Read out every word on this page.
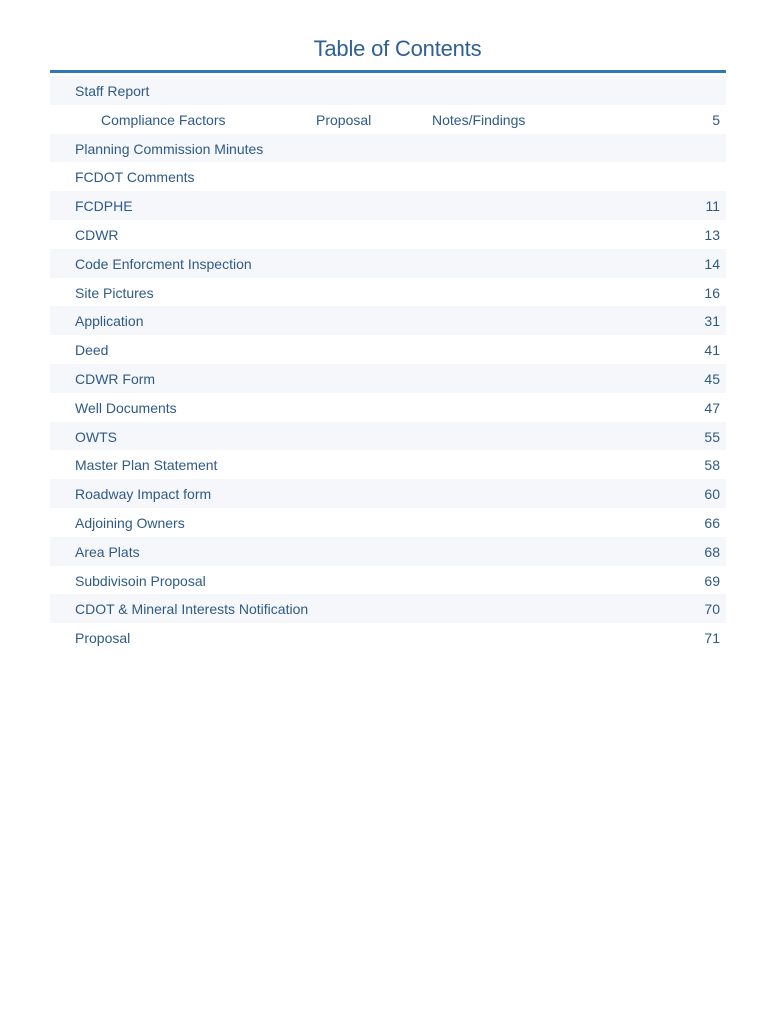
Table of Contents
Staff Report
Compliance Factors	Proposal	Notes/Findings	5
Planning Commission Minutes
FCDOT Comments
FCDPHE	11
CDWR	13
Code Enforcment Inspection	14
Site Pictures	16
Application	31
Deed	41
CDWR Form	45
Well Documents	47
OWTS	55
Master Plan Statement	58
Roadway Impact form	60
Adjoining Owners	66
Area Plats	68
Subdivisoin Proposal	69
CDOT & Mineral Interests Notification	70
Proposal	71
